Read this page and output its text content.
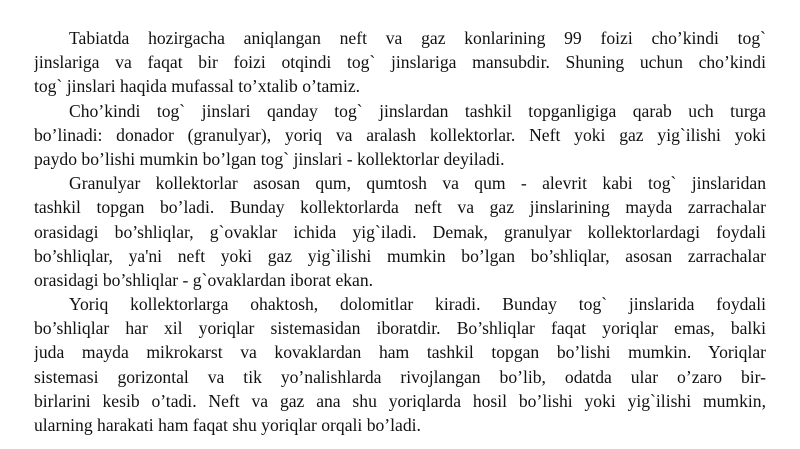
Tabiatda hozirgacha aniqlangan neft va gaz konlarining 99 foizi cho’kindi tog`
jinslariga va faqat bir foizi otqindi tog` jinslariga mansubdir. Shuning uchun cho’kindi
tog` jinslari haqida mufassal to’xtalib o’tamiz.
Cho’kindi tog` jinslari qanday tog` jinslardan tashkil topganligiga qarab uch turga
bo’linadi: donador (granulyar), yoriq va aralash kollektorlar. Neft yoki gaz yig`ilishi yoki
paydo bo’lishi mumkin bo’lgan tog` jinslari - kollektorlar deyiladi.
Granulyar kollektorlar asosan qum, qumtosh va qum - alevrit kabi tog` jinslaridan
tashkil topgan bo’ladi. Bunday kollektorlarda neft va gaz jinslarining mayda zarrachalar
orasidagi bo’shliqlar, g`ovaklar ichida yig`iladi. Demak, granulyar kollektorlardagi foydali
bo’shliqlar, ya'ni neft yoki gaz yig`ilishi mumkin bo’lgan bo’shliqlar, asosan zarrachalar
orasidagi bo’shliqlar - g`ovaklardan iborat ekan.
Yoriq kollektorlarga ohaktosh, dolomitlar kiradi. Bunday tog` jinslarida foydali
bo’shliqlar har xil yoriqlar sistemasidan iboratdir. Bo’shliqlar faqat yoriqlar emas, balki
juda mayda mikrokarst va kovaklardan ham tashkil topgan bo’lishi mumkin. Yoriqlar
sistemasi gorizontal va tik yo’nalishlarda rivojlangan bo’lib, odatda ular o’zaro bir-
birlarini kesib o’tadi. Neft va gaz ana shu yoriqlarda hosil bo’lishi yoki yig`ilishi mumkin,
ularning harakati ham faqat shu yoriqlar orqali bo’ladi.
